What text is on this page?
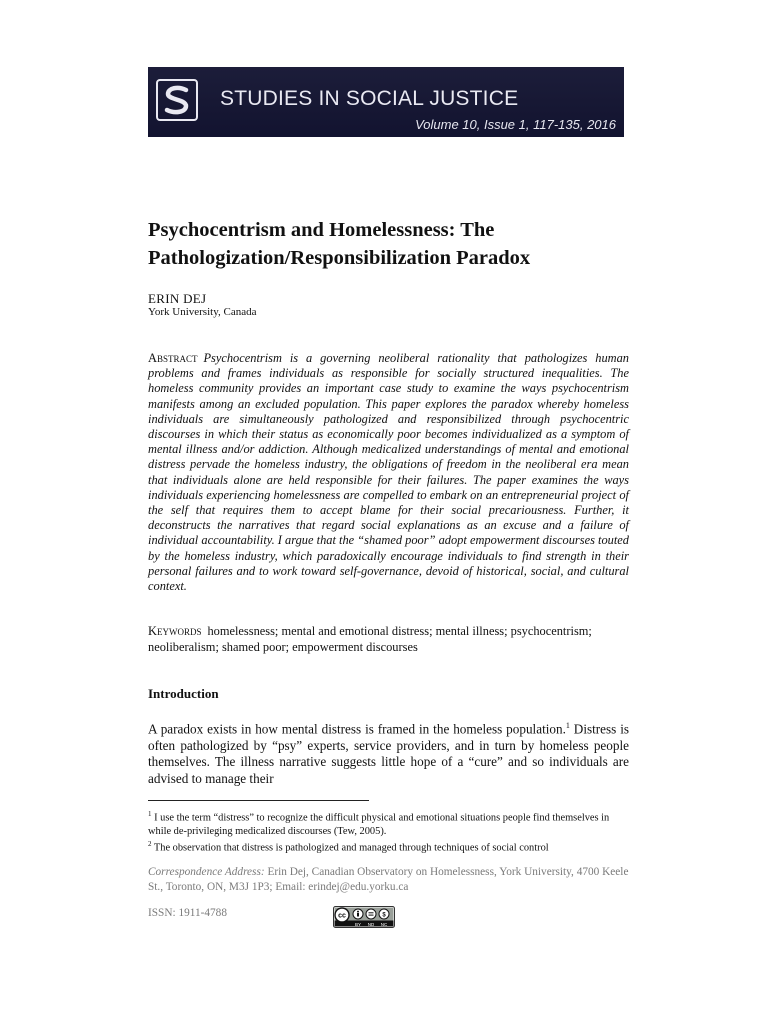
STUDIES IN SOCIAL JUSTICE
Volume 10, Issue 1, 117-135, 2016
Psychocentrism and Homelessness: The
Pathologization/Responsibilization Paradox
ERIN DEJ
York University, Canada

Abstract Psychocentrism is a governing neoliberal rationality that pathologizes human problems and frames individuals as responsible for socially structured inequalities. The homeless community provides an important case study to examine the ways psychocentrism manifests among an excluded population. This paper explores the paradox whereby homeless individuals are simultaneously pathologized and responsibilized through psychocentric discourses in which their status as economically poor becomes individualized as a symptom of mental illness and/or addiction. Although medicalized understandings of mental and emotional distress pervade the homeless industry, the obligations of freedom in the neoliberal era mean that individuals alone are held responsible for their failures. The paper examines the ways individuals experiencing homelessness are compelled to embark on an entrepreneurial project of the self that requires them to accept blame for their social precariousness. Further, it deconstructs the narratives that regard social explanations as an excuse and a failure of individual accountability. I argue that the “shamed poor” adopt empowerment discourses touted by the homeless industry, which paradoxically encourage individuals to find strength in their personal failures and to work toward self-governance, devoid of historical, social, and cultural context.

Keywords homelessness; mental and emotional distress; mental illness; psychocentrism; neoliberalism; shamed poor; empowerment discourses

Introduction

A paradox exists in how mental distress is framed in the homeless population.$^1$ Distress is often pathologized by “psy” experts, service providers, and in turn by homeless people themselves. The illness narrative suggests little hope of a “cure” and so individuals are advised to manage their

$^1$ I use the term “distress” to recognize the difficult physical and emotional situations people find themselves in while de-privileging medicalized discourses (Tew, 2005).
$^2$ The observation that distress is pathologized and managed through techniques of social control

Correspondence Address: Erin Dej, Canadian Observatory on Homelessness, York University, 4700 Keele St., Toronto, ON, M3J 1P3; Email: erindej@edu.yorku.ca

ISSN: 1911-4788	cc	$
BY ND NC
